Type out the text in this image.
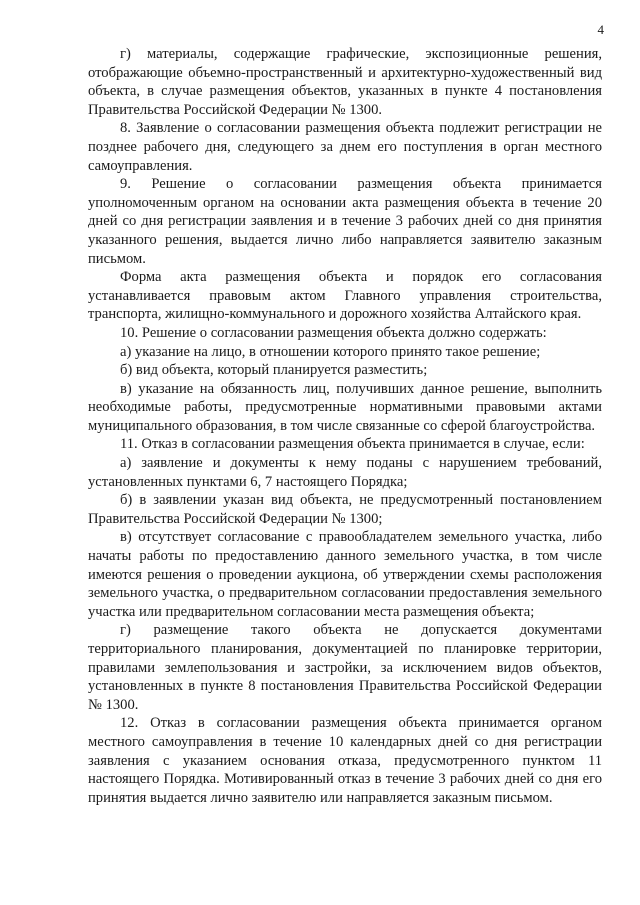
4

г) материалы, содержащие графические, экспозиционные решения, отображающие объемно-пространственный и архитектурно-художественный вид объекта, в случае размещения объектов, указанных в пункте 4 постановления Правительства Российской Федерации № 1300.

8. Заявление о согласовании размещения объекта подлежит регистрации не позднее рабочего дня, следующего за днем его поступления в орган местного самоуправления.

9. Решение о согласовании размещения объекта принимается уполномоченным органом на основании акта размещения объекта в течение 20 дней со дня регистрации заявления и в течение 3 рабочих дней со дня принятия указанного решения, выдается лично либо направляется заявителю заказным письмом.

Форма акта размещения объекта и порядок его согласования устанавливается правовым актом Главного управления строительства, транспорта, жилищно-коммунального и дорожного хозяйства Алтайского края.

10. Решение о согласовании размещения объекта должно содержать:

а) указание на лицо, в отношении которого принято такое решение;

б) вид объекта, который планируется разместить;

в) указание на обязанность лиц, получивших данное решение, выполнить необходимые работы, предусмотренные нормативными правовыми актами муниципального образования, в том числе связанные со сферой благоустройства.

11. Отказ в согласовании размещения объекта принимается в случае, если:

а) заявление и документы к нему поданы с нарушением требований, установленных пунктами 6, 7 настоящего Порядка;

б) в заявлении указан вид объекта, не предусмотренный постановлением Правительства Российской Федерации № 1300;

в) отсутствует согласование с правообладателем земельного участка, либо начаты работы по предоставлению данного земельного участка, в том числе имеются решения о проведении аукциона, об утверждении схемы расположения земельного участка, о предварительном согласовании предоставления земельного участка или предварительном согласовании места размещения объекта;

г) размещение такого объекта не допускается документами территориального планирования, документацией по планировке территории, правилами землепользования и застройки, за исключением видов объектов, установленных в пункте 8 постановления Правительства Российской Федерации № 1300.

12. Отказ в согласовании размещения объекта принимается органом местного самоуправления в течение 10 календарных дней со дня регистрации заявления с указанием основания отказа, предусмотренного пунктом 11 настоящего Порядка. Мотивированный отказ в течение 3 рабочих дней со дня его принятия выдается лично заявителю или направляется заказным письмом.
